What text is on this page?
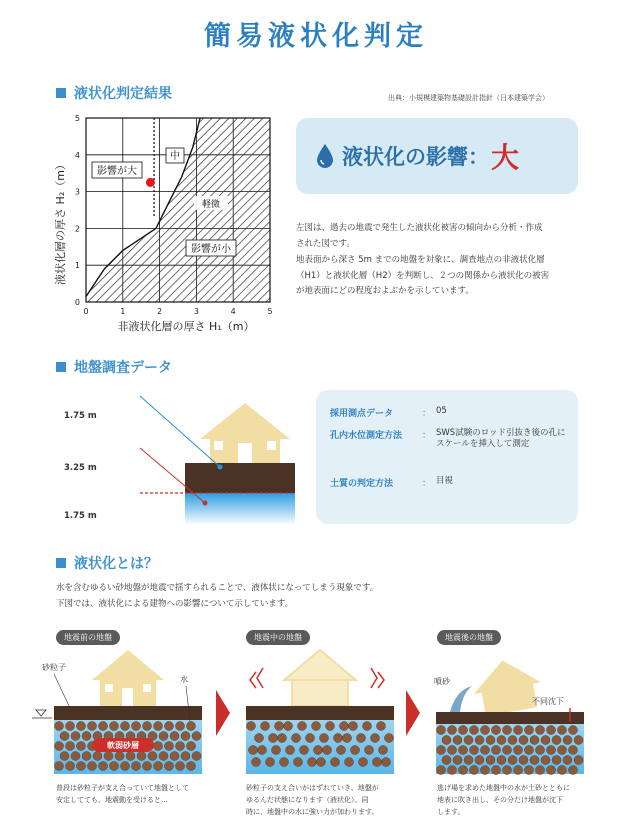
簡易液状化判定
液状化判定結果	出典：小規模建築物基礎設計指針（日本建築学会）
0	1	2	3	4	5
0
1
2
3
4
5
影響が大
中
軽微
影響が小
非液状化層の厚さ H₁（m）
液状化層の厚さ H₂（m）
液状化の影響： 大
左図は、過去の地震で発生した液状化被害の傾向から分析・作成
された図です。
地表面から深さ 5m までの地盤を対象に、調査地点の非液状化層
（H1）と液状化層（H2）を判断し、２つの関係から液状化の被害
が地表面にどの程度およぶかを示しています。
地盤調査データ
① 非液状化層
1.75 m
② 液状化層
3.25 m
③ 孔内水位 (GL-)
1.75 m
採用測点データ	： 05
孔内水位測定方法	： SWS試験のロッド引抜き後の孔にスケールを挿入して測定
土質の判定方法	： 目視
液状化とは？
水を含むゆるい砂地盤が地震で揺すられることで、液体状になってしまう現象です。
下図では、液状化による建物への影響について示しています。
地震前の地盤	地震中の地盤	地震後の地盤
砂粒子
水
軟弱砂層
噴砂
不同沈下
普段は砂粒子が支え合っていて地盤として
安定してても、地震動を受けると...
砂粒子の支え合いがはずれていき、地盤が
ゆるんだ状態になります（液状化）。同
時に、地盤中の水に強い力が加わります。
逃げ場を求めた地盤中の水が土砂とともに
地表に吹き出し、その分だけ地盤が沈下
します。
